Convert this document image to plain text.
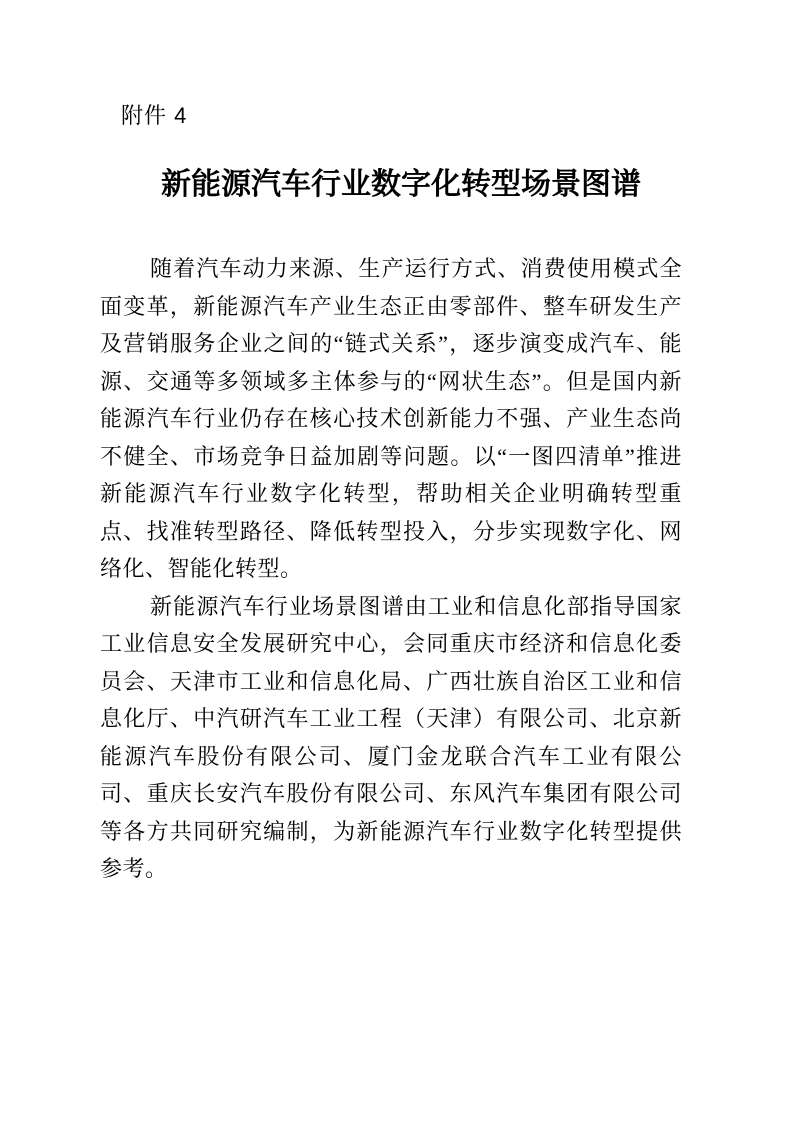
附件 4
新能源汽车行业数字化转型场景图谱
随着汽车动力来源、生产运行方式、消费使用模式全
面变革，新能源汽车产业生态正由零部件、整车研发生产
及营销服务企业之间的“链式关系”，逐步演变成汽车、能
源、交通等多领域多主体参与的“网状生态”。但是国内新
能源汽车行业仍存在核心技术创新能力不强、产业生态尚
不健全、市场竞争日益加剧等问题。以“一图四清单”推进
新能源汽车行业数字化转型，帮助相关企业明确转型重
点、找准转型路径、降低转型投入，分步实现数字化、网
络化、智能化转型。
新能源汽车行业场景图谱由工业和信息化部指导国家
工业信息安全发展研究中心，会同重庆市经济和信息化委
员会、天津市工业和信息化局、广西壮族自治区工业和信
息化厅、中汽研汽车工业工程（天津）有限公司、北京新
能源汽车股份有限公司、厦门金龙联合汽车工业有限公
司、重庆长安汽车股份有限公司、东风汽车集团有限公司
等各方共同研究编制，为新能源汽车行业数字化转型提供
参考。
